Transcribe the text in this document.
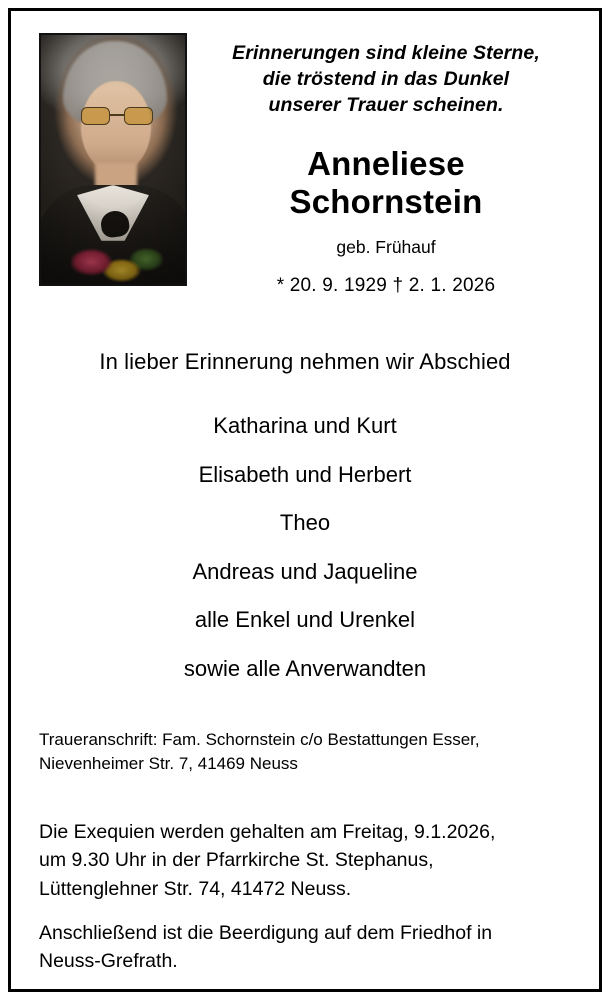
Erinnerungen sind kleine Sterne,
die tröstend in das Dunkel
unserer Trauer scheinen.
Anneliese
Schornstein
geb. Frühauf
* 20. 9. 1929 † 2. 1. 2026
In lieber Erinnerung nehmen wir Abschied
Katharina und Kurt
Elisabeth und Herbert
Theo
Andreas und Jaqueline
alle Enkel und Urenkel
sowie alle Anverwandten
Traueranschrift: Fam. Schornstein c/o Bestattungen Esser,
Nievenheimer Str. 7, 41469 Neuss
Die Exequien werden gehalten am Freitag, 9.1.2026,
um 9.30 Uhr in der Pfarrkirche St. Stephanus,
Lüttenglehner Str. 74, 41472 Neuss.
Anschließend ist die Beerdigung auf dem Friedhof in
Neuss-Grefrath.
